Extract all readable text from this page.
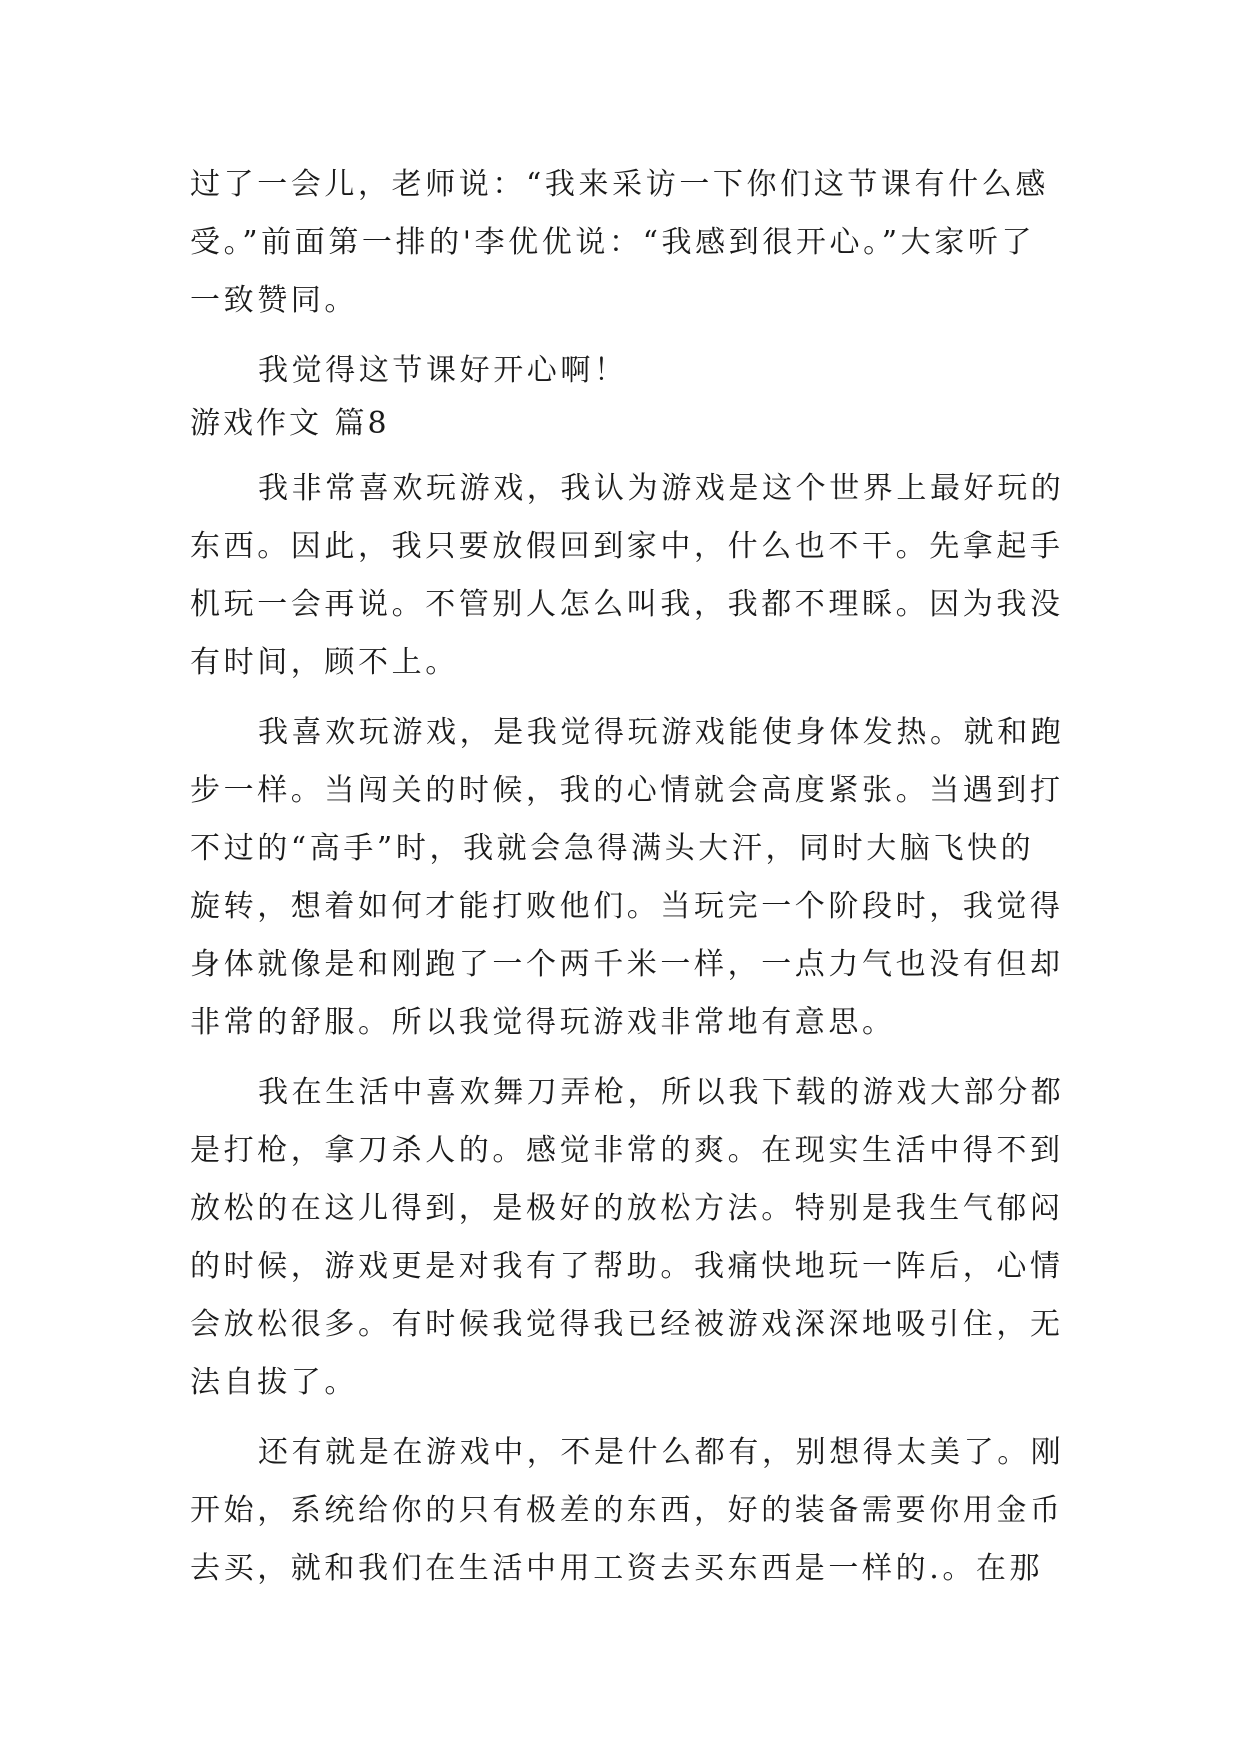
过了一会儿，老师说：“我来采访一下你们这节课有什么感
受。”前面第一排的'李优优说：“我感到很开心。”大家听了
一致赞同。
我觉得这节课好开心啊！
游戏作文 篇8
我非常喜欢玩游戏，我认为游戏是这个世界上最好玩的
东西。因此，我只要放假回到家中，什么也不干。先拿起手
机玩一会再说。不管别人怎么叫我，我都不理睬。因为我没
有时间，顾不上。
我喜欢玩游戏，是我觉得玩游戏能使身体发热。就和跑
步一样。当闯关的时候，我的心情就会高度紧张。当遇到打
不过的“高手”时，我就会急得满头大汗，同时大脑飞快的
旋转，想着如何才能打败他们。当玩完一个阶段时，我觉得
身体就像是和刚跑了一个两千米一样，一点力气也没有但却
非常的舒服。所以我觉得玩游戏非常地有意思。
我在生活中喜欢舞刀弄枪，所以我下载的游戏大部分都
是打枪，拿刀杀人的。感觉非常的爽。在现实生活中得不到
放松的在这儿得到，是极好的放松方法。特别是我生气郁闷
的时候，游戏更是对我有了帮助。我痛快地玩一阵后，心情
会放松很多。有时候我觉得我已经被游戏深深地吸引住，无
法自拔了。
还有就是在游戏中，不是什么都有，别想得太美了。刚
开始，系统给你的只有极差的东西，好的装备需要你用金币
去买，就和我们在生活中用工资去买东西是一样的.。在那
